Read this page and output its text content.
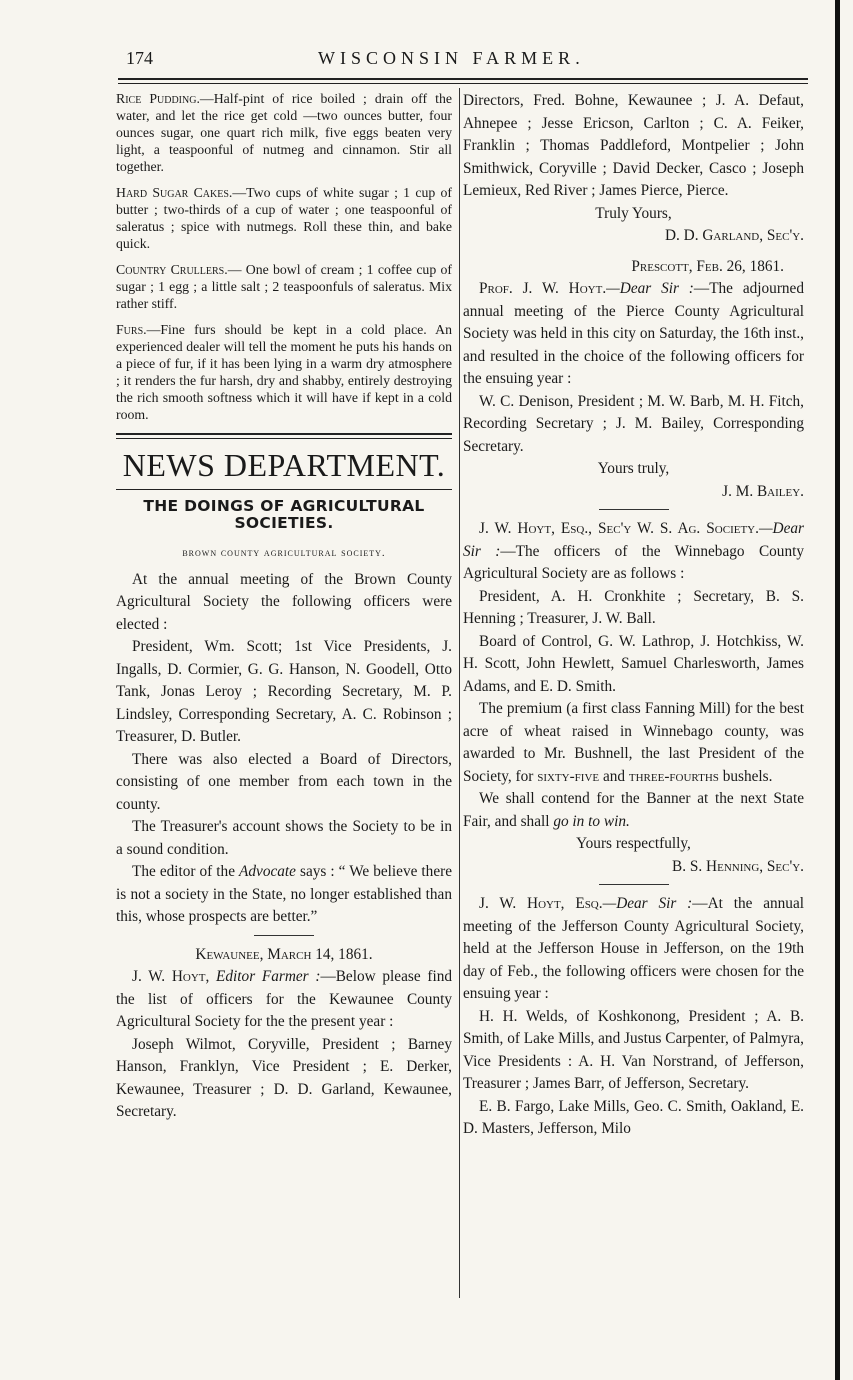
174	WISCONSIN FARMER.

Rice Pudding.—Half-pint of rice boiled ; drain off the water, and let the rice get cold —two ounces butter, four ounces sugar, one quart rich milk, five eggs beaten very light, a teaspoonful of nutmeg and cinnamon. Stir all together.

Hard Sugar Cakes.—Two cups of white sugar ; 1 cup of butter ; two-thirds of a cup of water ; one teaspoonful of saleratus ; spice with nutmegs. Roll these thin, and bake quick.

Country Crullers.— One bowl of cream ; 1 coffee cup of sugar ; 1 egg ; a little salt ; 2 teaspoonfuls of saleratus. Mix rather stiff.

Furs.—Fine furs should be kept in a cold place. An experienced dealer will tell the moment he puts his hands on a piece of fur, if it has been lying in a warm dry atmosphere ; it renders the fur harsh, dry and shabby, entirely destroying the rich smooth softness which it will have if kept in a cold room.

NEWS DEPARTMENT.
THE DOINGS OF AGRICULTURAL SOCIETIES.
brown county agricultural society.

At the annual meeting of the Brown County Agricultural Society the following officers were elected :

President, Wm. Scott; 1st Vice Presidents, J. Ingalls, D. Cormier, G. G. Hanson, N. Goodell, Otto Tank, Jonas Leroy ; Recording Secretary, M. P. Lindsley, Corresponding Secretary, A. C. Robinson ; Treasurer, D. Butler.

There was also elected a Board of Directors, consisting of one member from each town in the county.

The Treasurer's account shows the Society to be in a sound condition.

The editor of the Advocate says : “ We believe there is not a society in the State, no longer established than this, whose prospects are better.”

Kewaunee, March 14, 1861.

J. W. Hoyt, Editor Farmer :—Below please find the list of officers for the Kewaunee County Agricultural Society for the the present year :

Joseph Wilmot, Coryville, President ; Barney Hanson, Franklyn, Vice President ; E. Derker, Kewaunee, Treasurer ; D. D. Garland, Kewaunee, Secretary.

Directors, Fred. Bohne, Kewaunee ; J. A. Defaut, Ahnepee ; Jesse Ericson, Carlton ; C. A. Feiker, Franklin ; Thomas Paddleford, Montpelier ; John Smithwick, Coryville ; David Decker, Casco ; Joseph Lemieux, Red River ; James Pierce, Pierce.

Truly Yours,
D. D. Garland, Sec'y.
Prescott, Feb. 26, 1861.

Prof. J. W. Hoyt.—Dear Sir :—The adjourned annual meeting of the Pierce County Agricultural Society was held in this city on Saturday, the 16th inst., and resulted in the choice of the following officers for the ensuing year :

W. C. Denison, President ; M. W. Barb, M. H. Fitch, Recording Secretary ; J. M. Bailey, Corresponding Secretary.

Yours truly,
J. M. Bailey.

J. W. Hoyt, Esq., Sec'y W. S. Ag. Society.—Dear Sir :—The officers of the Winnebago County Agricultural Society are as follows :

President, A. H. Cronkhite ; Secretary, B. S. Henning ; Treasurer, J. W. Ball.

Board of Control, G. W. Lathrop, J. Hotchkiss, W. H. Scott, John Hewlett, Samuel Charlesworth, James Adams, and E. D. Smith.

The premium (a first class Fanning Mill) for the best acre of wheat raised in Winnebago county, was awarded to Mr. Bushnell, the last President of the Society, for sixty-five and three-fourths bushels.

We shall contend for the Banner at the next State Fair, and shall go in to win.

Yours respectfully,
B. S. Henning, Sec'y.

J. W. Hoyt, Esq.—Dear Sir :—At the annual meeting of the Jefferson County Agricultural Society, held at the Jefferson House in Jefferson, on the 19th day of Feb., the following officers were chosen for the ensuing year :

H. H. Welds, of Koshkonong, President ; A. B. Smith, of Lake Mills, and Justus Carpenter, of Palmyra, Vice Presidents : A. H. Van Norstrand, of Jefferson, Treasurer ; James Barr, of Jefferson, Secretary.

E. B. Fargo, Lake Mills, Geo. C. Smith, Oakland, E. D. Masters, Jefferson, Milo
